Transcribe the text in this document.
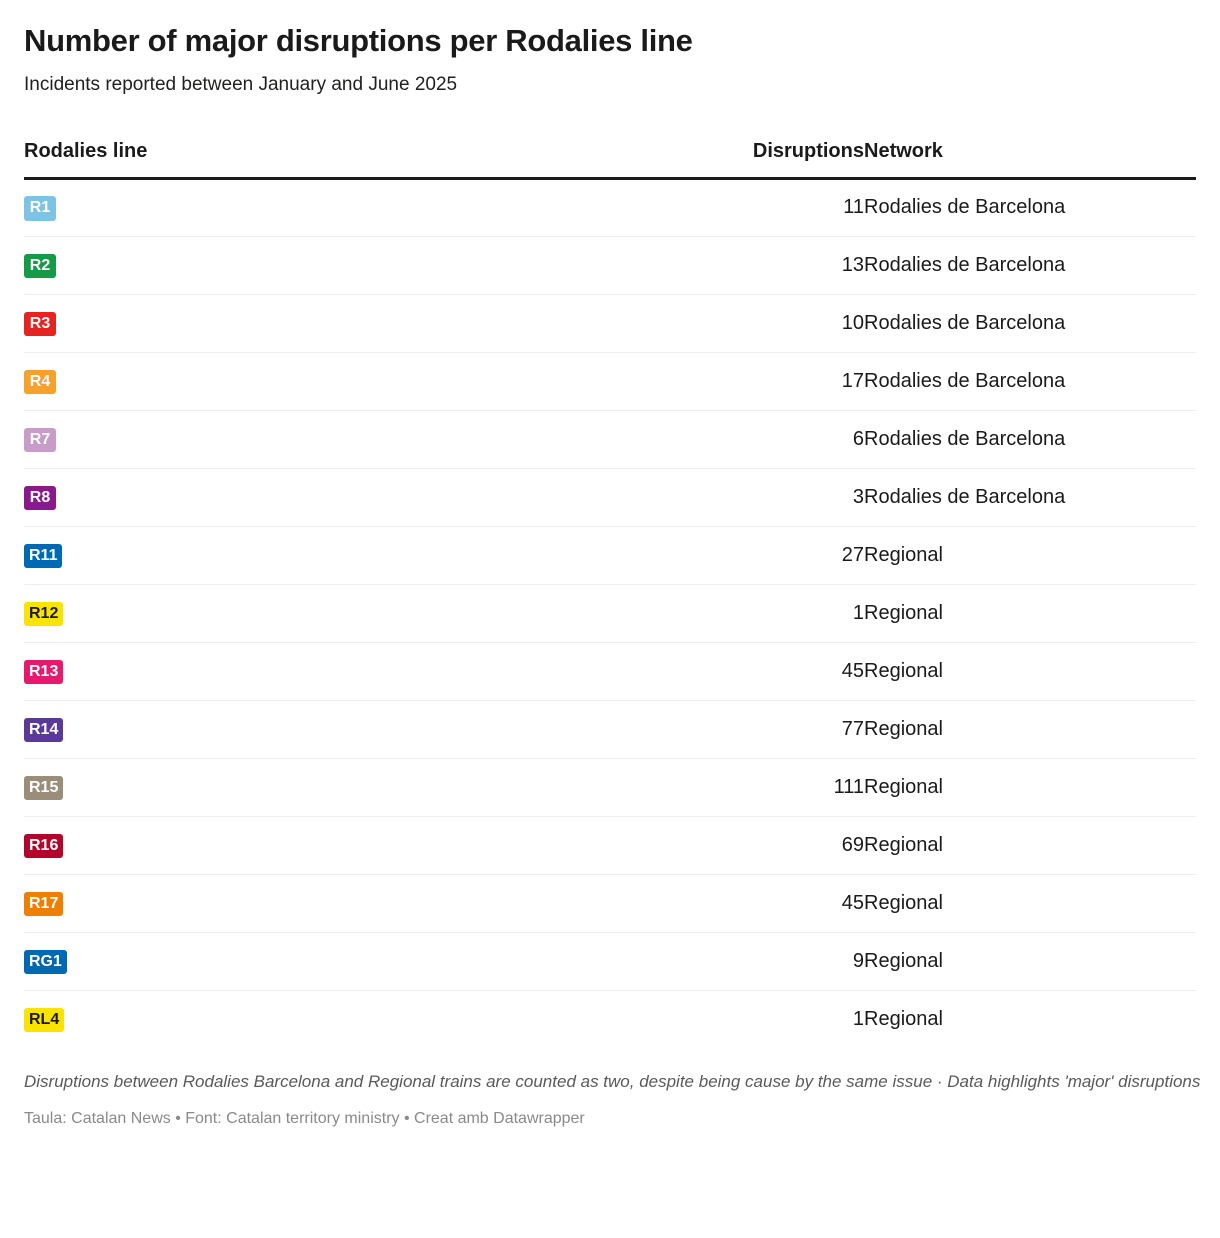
Number of major disruptions per Rodalies line
Incidents reported between January and June 2025
Rodalies line	Disruptions	Network
R1	11	Rodalies de Barcelona
R2	13	Rodalies de Barcelona
R3	10	Rodalies de Barcelona
R4	17	Rodalies de Barcelona
R7	6	Rodalies de Barcelona
R8	3	Rodalies de Barcelona
R11	27	Regional
R12	1	Regional
R13	45	Regional
R14	77	Regional
R15	111	Regional
R16	69	Regional
R17	45	Regional
RG1	9	Regional
RL4	1	Regional
Disruptions between Rodalies Barcelona and Regional trains are counted as two, despite being cause by the same issue · Data highlights 'major' disruptions
Taula: Catalan News • Font: Catalan territory ministry • Creat amb Datawrapper
